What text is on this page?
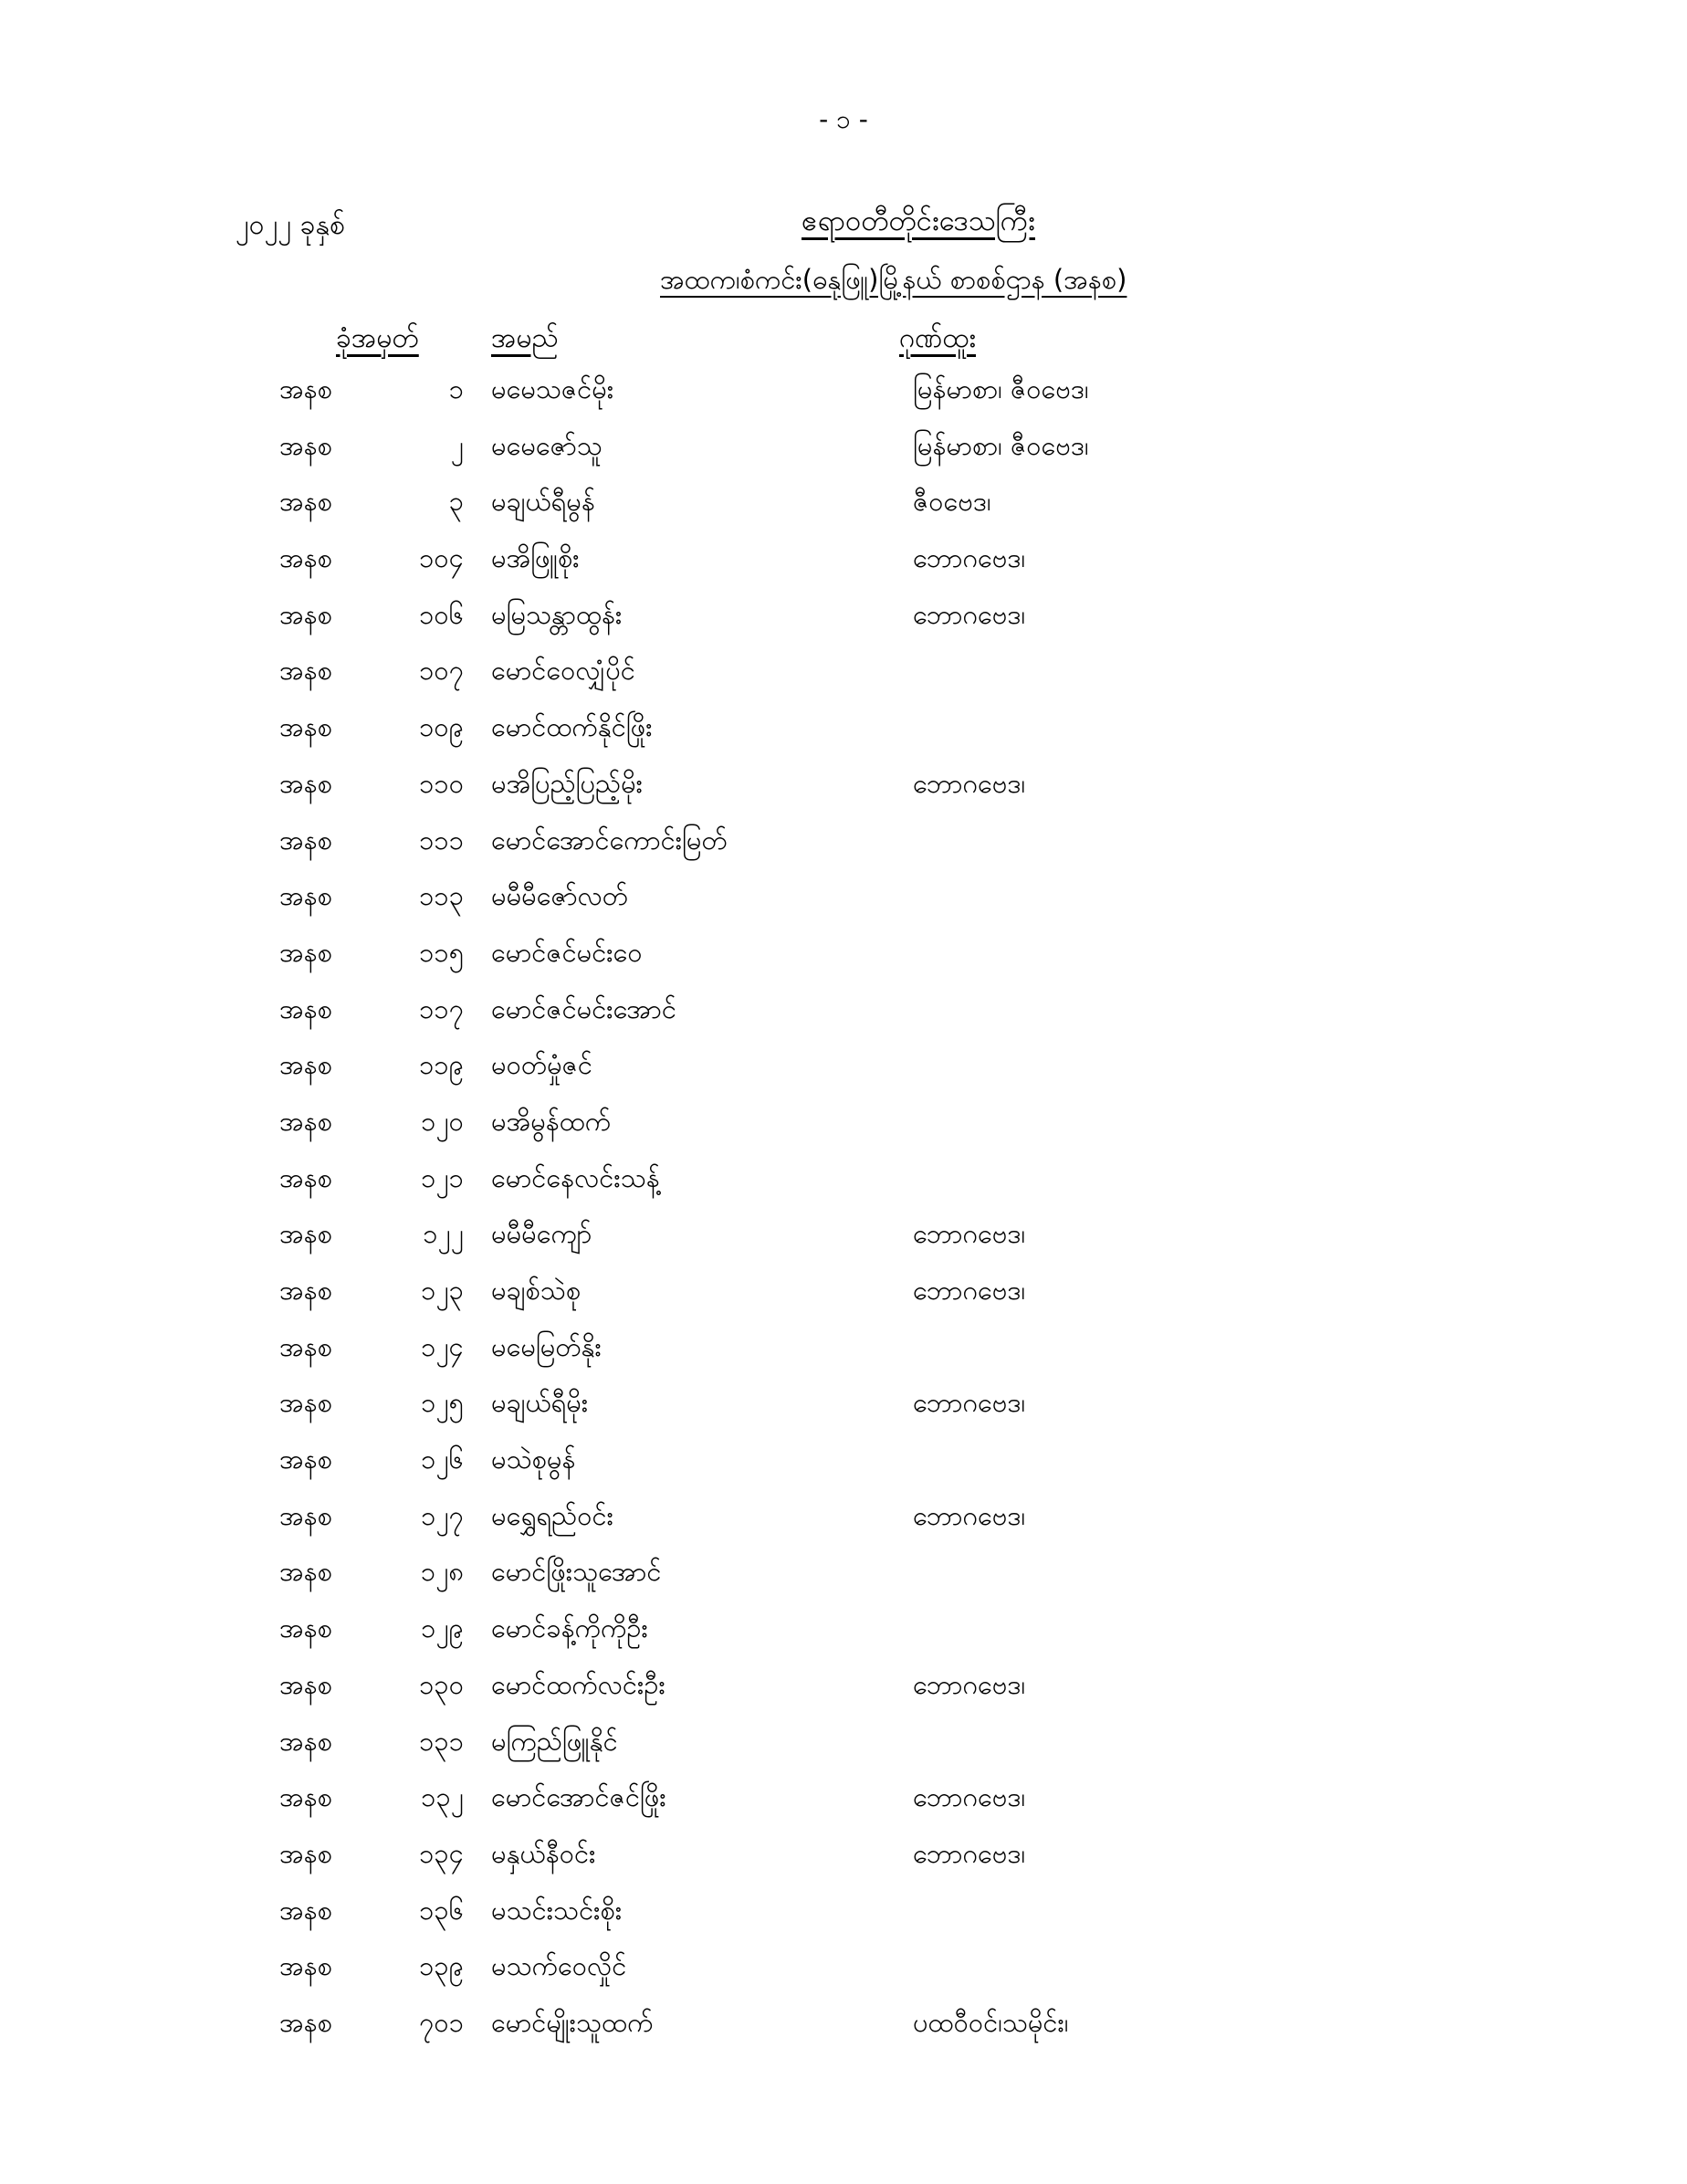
- ၁ -
၂၀၂၂ ခုနှစ်	ဧရာဝတီတိုင်းဒေသကြီး
အထက၊စံကင်း(ဓနုဖြူ)မြို့နယ် စာစစ်ဌာန (အနစ)
ခုံအမှတ်	အမည်	ဂုဏ်ထူး
အနစ	၁ မမေသဇင်မိုး	မြန်မာစာ၊ ဇီဝဗေဒ၊
အနစ	၂ မမေဇော်သူ	မြန်မာစာ၊ ဇီဝဗေဒ၊
အနစ	၃ မချယ်ရီမွန်	ဇီဝဗေဒ၊
အနစ	၁၀၄ မအိဖြူစိုး	ဘောဂဗေဒ၊
အနစ	၁၀၆ မမြသန္တာထွန်း	ဘောဂဗေဒ၊
အနစ	၁၀၇ မောင်ဝေလျှံပိုင်
အနစ	၁၀၉ မောင်ထက်နိုင်ဖြိုး
အနစ	၁၁၀ မအိပြည့်ပြည့်မိုး	ဘောဂဗေဒ၊
အနစ	၁၁၁ မောင်အောင်ကောင်းမြတ်
အနစ	၁၁၃ မမီမီဇော်လတ်
အနစ	၁၁၅ မောင်ဇင်မင်းဝေ
အနစ	၁၁၇ မောင်ဇင်မင်းအောင်
အနစ	၁၁၉ မဝတ်မှုံဇင်
အနစ	၁၂၀ မအိမွန်ထက်
အနစ	၁၂၁ မောင်နေလင်းသန့်
အနစ	၁၂၂ မမီမီကျော်	ဘောဂဗေဒ၊
အနစ	၁၂၃ မချစ်သဲစု	ဘောဂဗေဒ၊
အနစ	၁၂၄ မမေမြတ်နိုး
အနစ	၁၂၅ မချယ်ရီမိုး	ဘောဂဗေဒ၊
အနစ	၁၂၆ မသဲစုမွန်
အနစ	၁၂၇ မရွှေရည်ဝင်း	ဘောဂဗေဒ၊
အနစ	၁၂၈ မောင်ဖြိုးသူအောင်
အနစ	၁၂၉ မောင်ခန့်ကိုကိုဦး
အနစ	၁၃၀ မောင်ထက်လင်းဦး	ဘောဂဗေဒ၊
အနစ	၁၃၁ မကြည်ဖြူနိုင်
အနစ	၁၃၂ မောင်အောင်ဇင်ဖြိုး	ဘောဂဗေဒ၊
အနစ	၁၃၄ မနှယ်နီဝင်း	ဘောဂဗေဒ၊
အနစ	၁၃၆ မသင်းသင်းစိုး
အနစ	၁၃၉ မသက်ဝေလှိုင်
အနစ	၇၀၁ မောင်မျိုးသူထက်	ပထဝီဝင်၊သမိုင်း၊
